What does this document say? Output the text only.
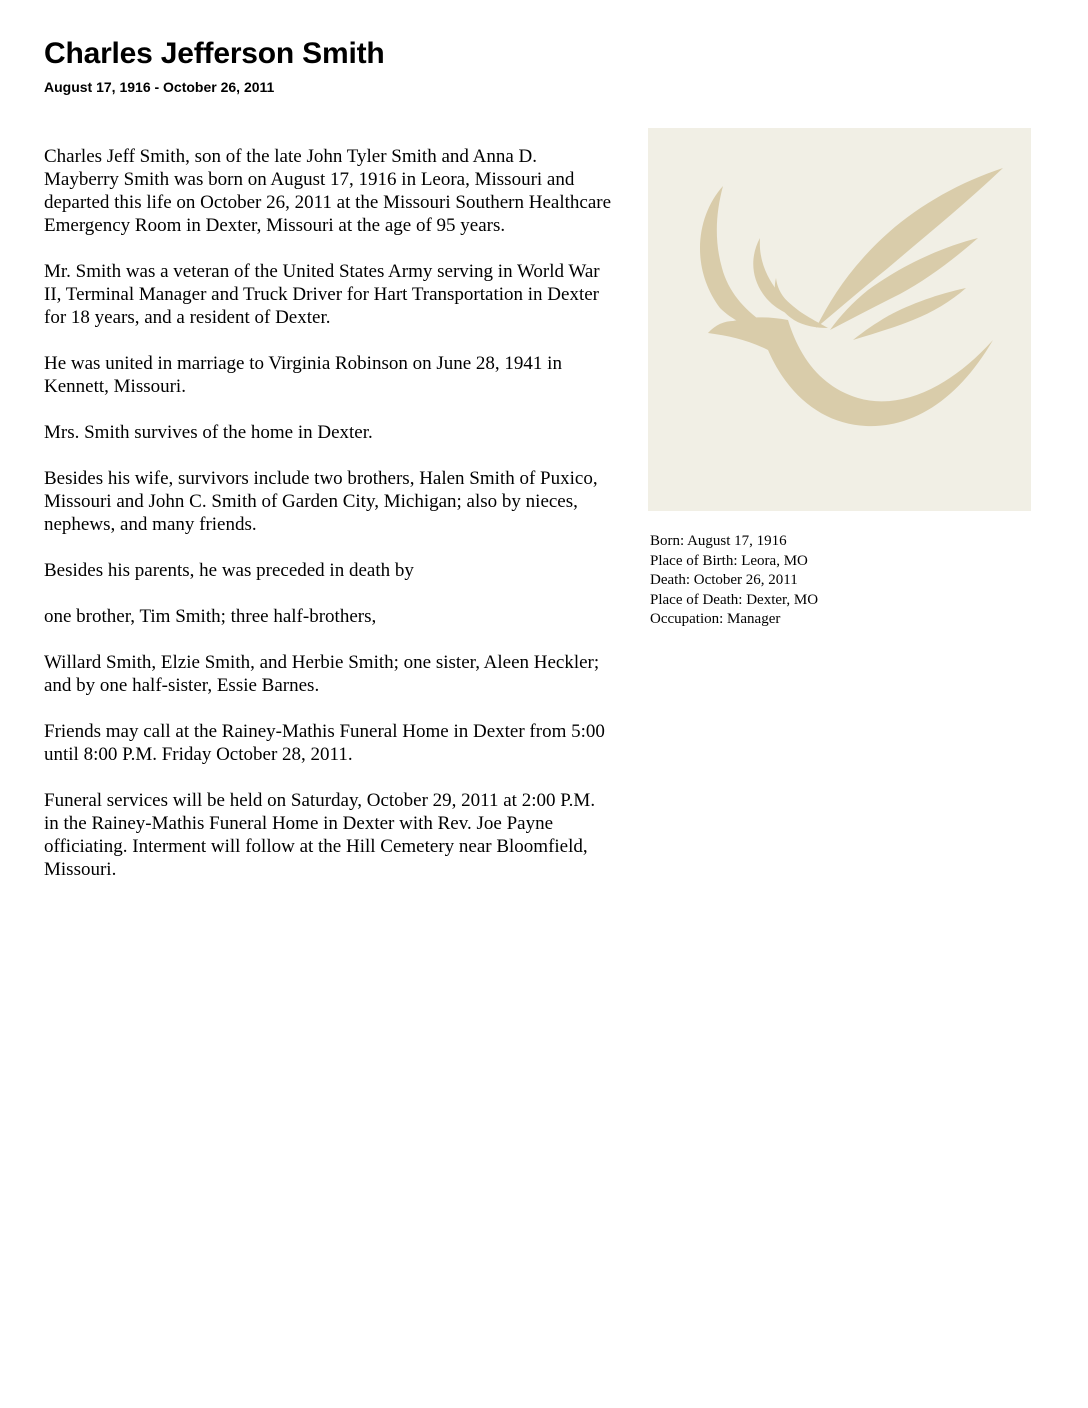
Charles Jefferson Smith
August 17, 1916 - October 26, 2011

Charles Jeff Smith, son of the late John Tyler Smith and Anna D. Mayberry Smith was born on August 17, 1916 in Leora, Missouri and departed this life on October 26, 2011 at the Missouri Southern Healthcare Emergency Room in Dexter, Missouri at the age of 95 years.

Mr. Smith was a veteran of the United States Army serving in World War II, Terminal Manager and Truck Driver for Hart Transportation in Dexter for 18 years, and a resident of Dexter.

He was united in marriage to Virginia Robinson on June 28, 1941 in Kennett, Missouri.

Mrs. Smith survives of the home in Dexter.

Besides his wife, survivors include two brothers, Halen Smith of Puxico, Missouri and John C. Smith of Garden City, Michigan; also by nieces, nephews, and many friends.

Besides his parents, he was preceded in death by

one brother, Tim Smith; three half-brothers,

Willard Smith, Elzie Smith, and Herbie Smith; one sister, Aleen Heckler; and by one half-sister, Essie Barnes.

Friends may call at the Rainey-Mathis Funeral Home in Dexter from 5:00 until 8:00 P.M. Friday October 28, 2011.

Funeral services will be held on Saturday, October 29, 2011 at 2:00 P.M. in the Rainey-Mathis Funeral Home in Dexter with Rev. Joe Payne officiating. Interment will follow at the Hill Cemetery near Bloomfield, Missouri.

Born: August 17, 1916
Place of Birth: Leora, MO
Death: October 26, 2011
Place of Death: Dexter, MO
Occupation: Manager
